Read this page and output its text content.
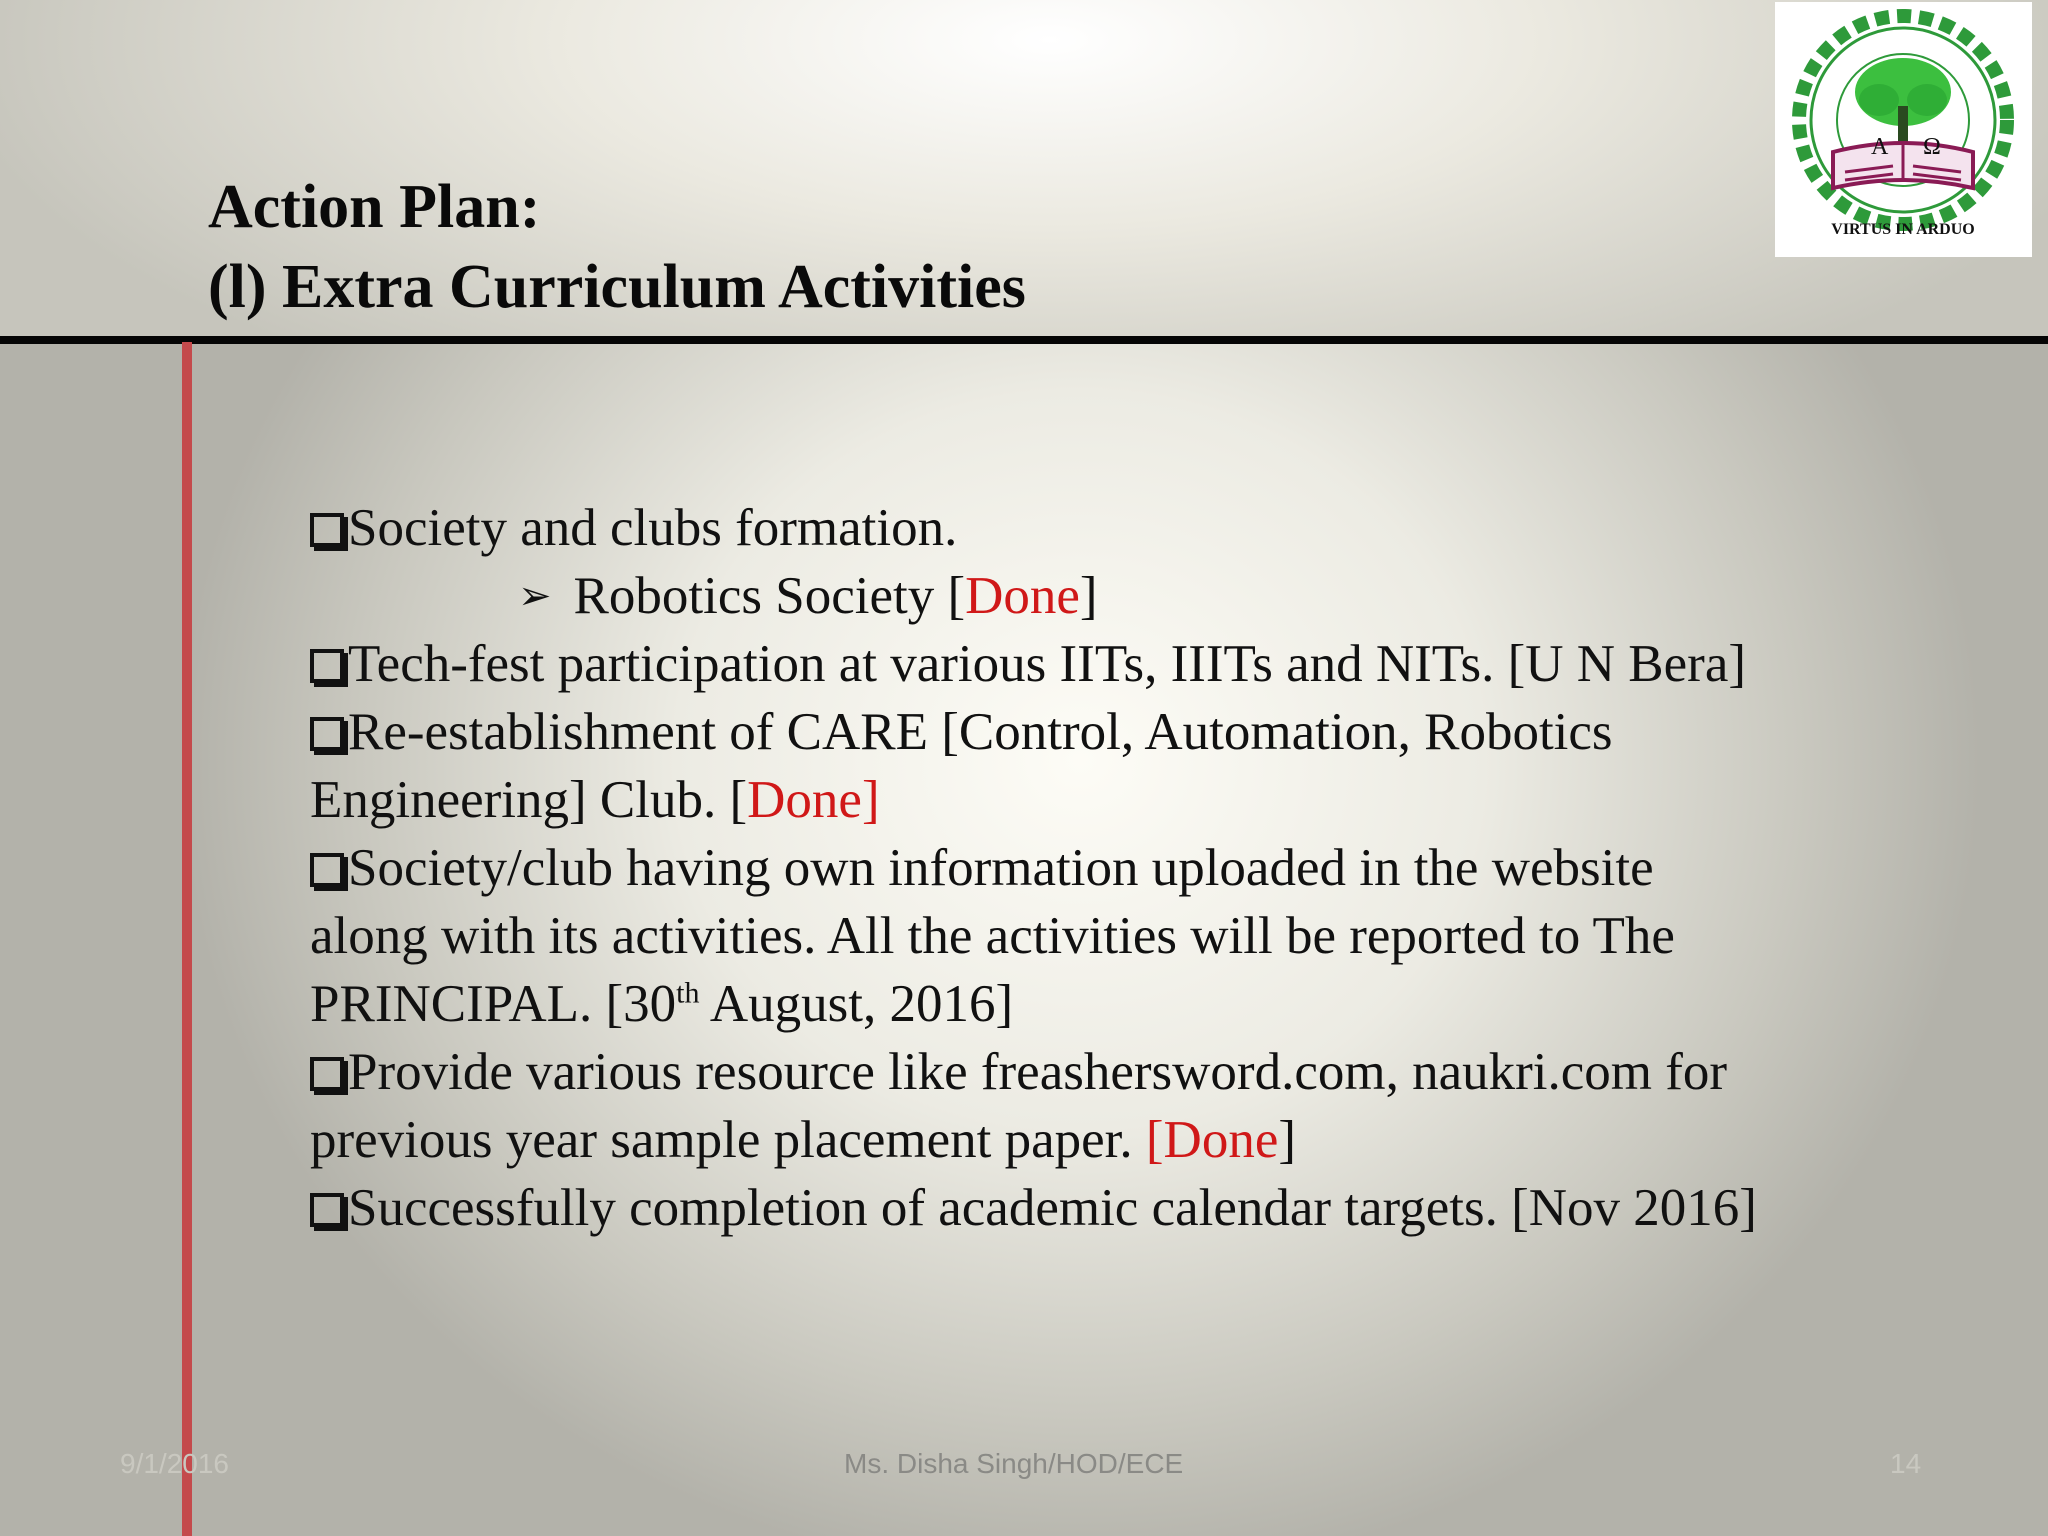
Action Plan:
(l) Extra Curriculum Activities
A Ω
VIRTUS IN ARDUO
Society and clubs formation.
➢ Robotics Society [Done]
Tech-fest participation at various IITs, IIITs and NITs. [U N Bera]
Re-establishment of CARE [Control, Automation, Robotics
Engineering] Club. [Done]
Society/club having own information uploaded in the website
along with its activities. All the activities will be reported to The
PRINCIPAL. [30th August, 2016]
Provide various resource like freashersword.com, naukri.com for
previous year sample placement paper. [Done]
Successfully completion of academic calendar targets. [Nov 2016]
9/1/2016	Ms. Disha Singh/HOD/ECE	14
